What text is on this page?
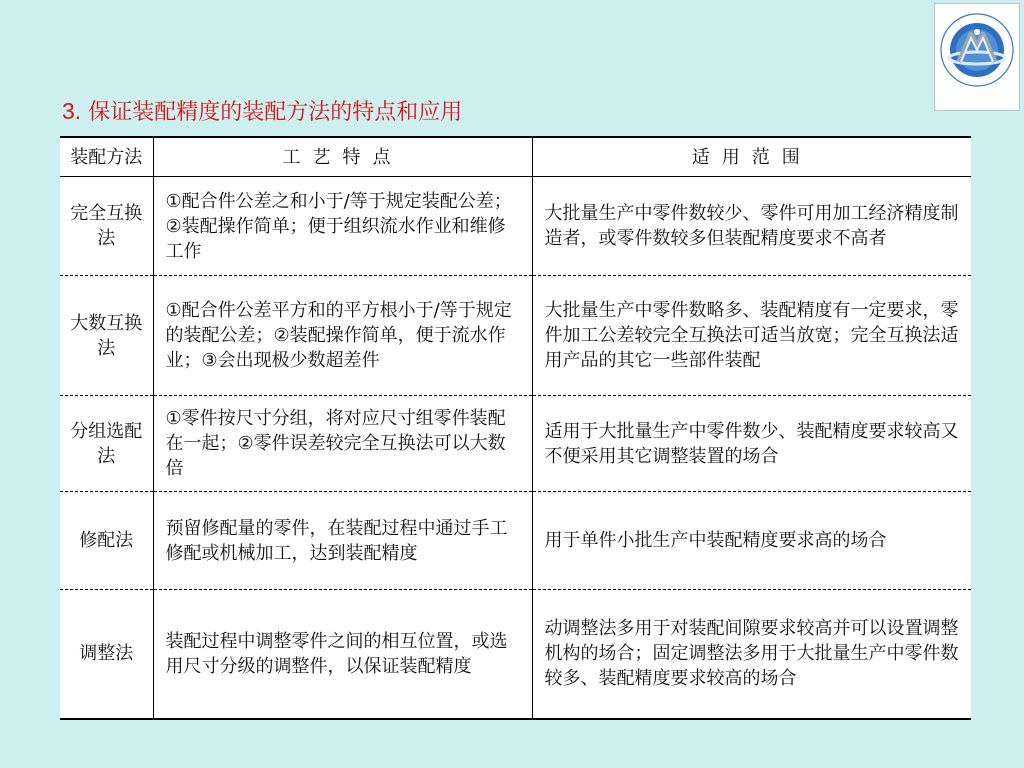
3. 保证装配精度的装配方法的特点和应用
装配方法	工艺特点	适用范围

完全互换法	①配合件公差之和小于/等于规定装配公差；②装配操作简单；便于组织流水作业和维修工作	大批量生产中零件数较少、零件可用加工经济精度制造者，或零件数较多但装配精度要求不高者

大数互换法	①配合件公差平方和的平方根小于/等于规定的装配公差；②装配操作简单，便于流水作业；③会出现极少数超差件	大批量生产中零件数略多、装配精度有一定要求，零件加工公差较完全互换法可适当放宽；完全互换法适用产品的其它一些部件装配

分组选配法	①零件按尺寸分组，将对应尺寸组零件装配在一起；②零件误差较完全互换法可以大数倍	适用于大批量生产中零件数少、装配精度要求较高又不便采用其它调整装置的场合

修配法	预留修配量的零件，在装配过程中通过手工修配或机械加工，达到装配精度	用于单件小批生产中装配精度要求高的场合

调整法	装配过程中调整零件之间的相互位置，或选用尺寸分级的调整件，以保证装配精度	动调整法多用于对装配间隙要求较高并可以设置调整机构的场合；固定调整法多用于大批量生产中零件数较多、装配精度要求较高的场合
